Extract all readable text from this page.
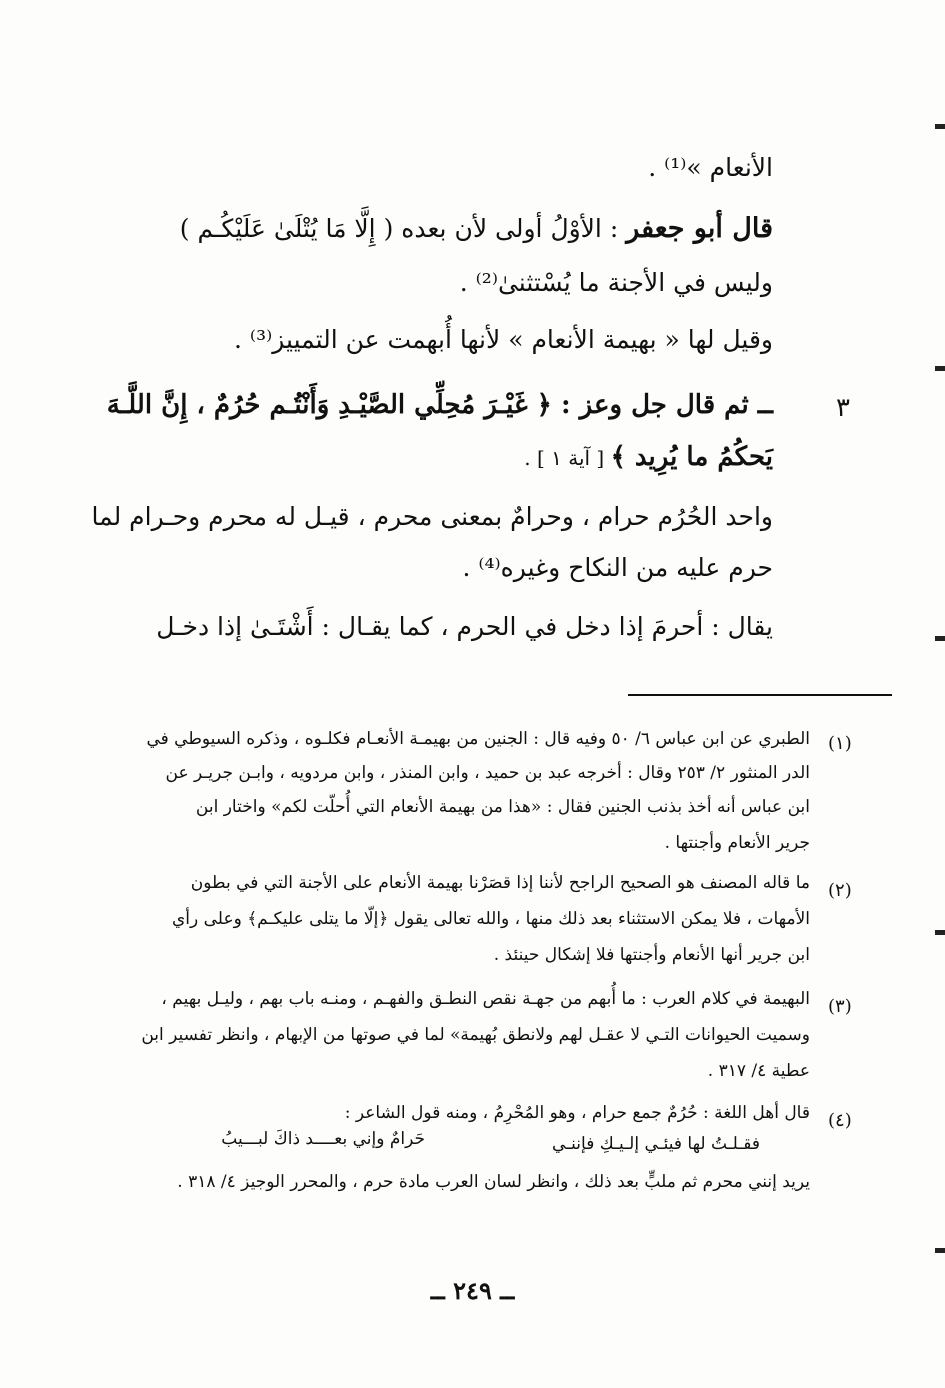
الأنعام »⁽¹⁾ .
قال أبو جعفر : الأوْلُ أولى لأن بعده ( إِلَّا مَا يُتْلَىٰ عَلَيْكُـم )
وليس في الأجنة ما يُسْتثنىٰ⁽²⁾ .
وقيل لها « بهيمة الأنعام » لأنها أُبهمت عن التمييز⁽³⁾ .
٣
ــ ثم قال جل وعز : ﴿ غَيْـرَ مُحِلِّي الصَّيْـدِ وَأَنْتُـم حُرُمٌ ، إِنَّ اللَّـهَ
يَحكُمُ ما يُرِيد ﴾ [ آية ١ ] .
واحد الحُرُم حرام ، وحرامٌ بمعنى محرم ، قيـل له محرم وحـرام لما
حرم عليه من النكاح وغيره⁽⁴⁾ .
يقال : أحرمَ إذا دخل في الحرم ، كما يقـال : أَشْتَـىٰ إذا دخـل
(١)
الطبري عن ابن عباس ٦/ ٥٠ وفيه قال : الجنين من بهيمـة الأنعـام فكلـوه ، وذكره السيوطي في
الدر المنثور ٢/ ٢٥٣ وقال : أخرجه عبد بن حميد ، وابن المنذر ، وابن مردويه ، وابـن جريـر عن
ابن عباس أنه أخذ بذنب الجنين فقال : «هذا من بهيمة الأنعام التي أُحلّت لكم» واختار ابن
جرير الأنعام وأجنتها .
(٢)
ما قاله المصنف هو الصحيح الراجح لأننا إذا قصَرْنا بهيمة الأنعام على الأجنة التي في بطون
الأمهات ، فلا يمكن الاستثناء بعد ذلك منها ، والله تعالى يقول ﴿إلّا ما يتلى عليكـم﴾ وعلى رأي
ابن جرير أنها الأنعام وأجنتها فلا إشكال حينئذ .
(٣)
البهيمة في كلام العرب : ما أُبهم من جهـة نقص النطـق والفهـم ، ومنـه باب بهم ، وليـل بهيم ،
وسميت الحيوانات التـي لا عقـل لهم ولانطق بُهيمة» لما في صوتها من الإبهام ، وانظر تفسير ابن
عطية ٤/ ٣١٧ .
(٤)
قال أهل اللغة : حُرُمٌ جمع حرام ، وهو المُحْرِمُ ، ومنه قول الشاعر :
فقـلـتُ لها فيئـي إلـيـكِ فإننـي
حَرامٌ وإني بعــــد ذاكَ لبـــيبُ
يريد إنني محرم ثم ملبٍّ بعد ذلك ، وانظر لسان العرب مادة حرم ، والمحرر الوجيز ٤/ ٣١٨ .
ــ ٢٤٩ ــ
